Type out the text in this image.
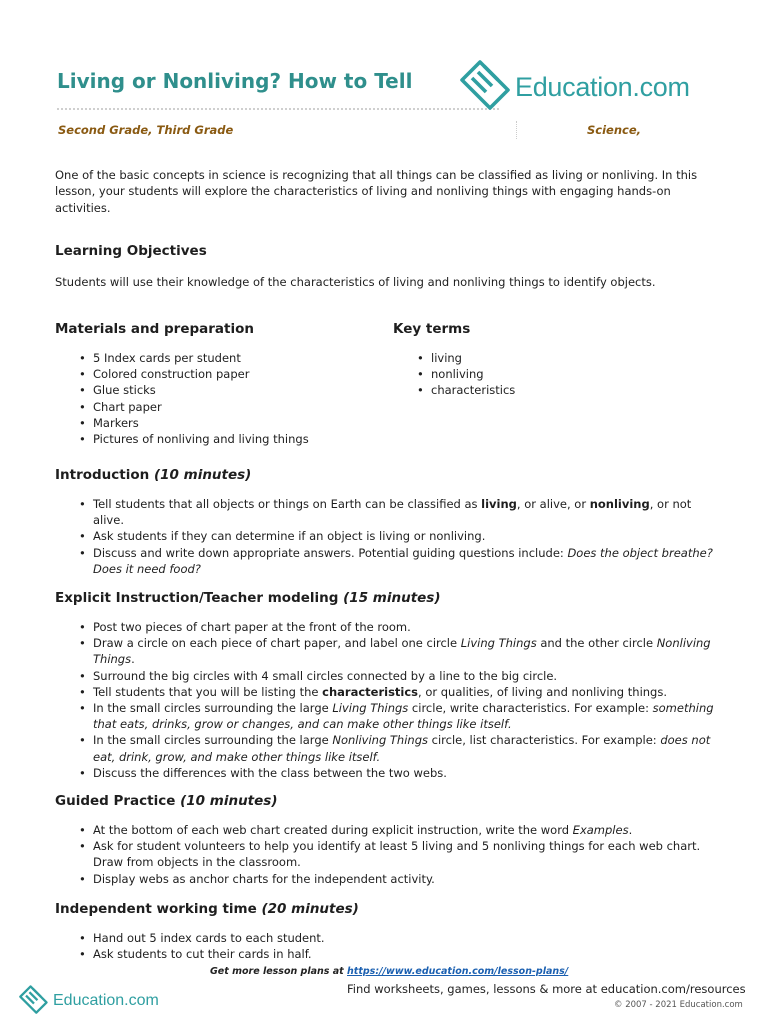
Living or Nonliving? How to Tell	Education.com
Second Grade, Third Grade	Science,

One of the basic concepts in science is recognizing that all things can be classified as living or nonliving. In this lesson, your students will explore the characteristics of living and nonliving things with engaging hands-on activities.

Learning Objectives

Students will use their knowledge of the characteristics of living and nonliving things to identify objects.

Materials and preparation
• 5 Index cards per student
• Colored construction paper
• Glue sticks
• Chart paper
• Markers
• Pictures of nonliving and living things
Key terms
• living
• nonliving
• characteristics
Introduction (10 minutes)
• Tell students that all objects or things on Earth can be classified as living, or alive, or nonliving, or not alive.
• Ask students if they can determine if an object is living or nonliving.
• Discuss and write down appropriate answers. Potential guiding questions include: Does the object breathe? Does it need food?
Explicit Instruction/Teacher modeling (15 minutes)
• Post two pieces of chart paper at the front of the room.
• Draw a circle on each piece of chart paper, and label one circle Living Things and the other circle Nonliving Things.
• Surround the big circles with 4 small circles connected by a line to the big circle.
• Tell students that you will be listing the characteristics, or qualities, of living and nonliving things.
• In the small circles surrounding the large Living Things circle, write characteristics. For example: something that eats, drinks, grow or changes, and can make other things like itself.
• In the small circles surrounding the large Nonliving Things circle, list characteristics. For example: does not eat, drink, grow, and make other things like itself.
• Discuss the differences with the class between the two webs.
Guided Practice (10 minutes)
• At the bottom of each web chart created during explicit instruction, write the word Examples.
• Ask for student volunteers to help you identify at least 5 living and 5 nonliving things for each web chart. Draw from objects in the classroom.
• Display webs as anchor charts for the independent activity.
Independent working time (20 minutes)
• Hand out 5 index cards to each student.
• Ask students to cut their cards in half.
Get more lesson plans at https://www.education.com/lesson-plans/
Find worksheets, games, lessons & more at education.com/resources
© 2007 - 2021 Education.com
Education.com
